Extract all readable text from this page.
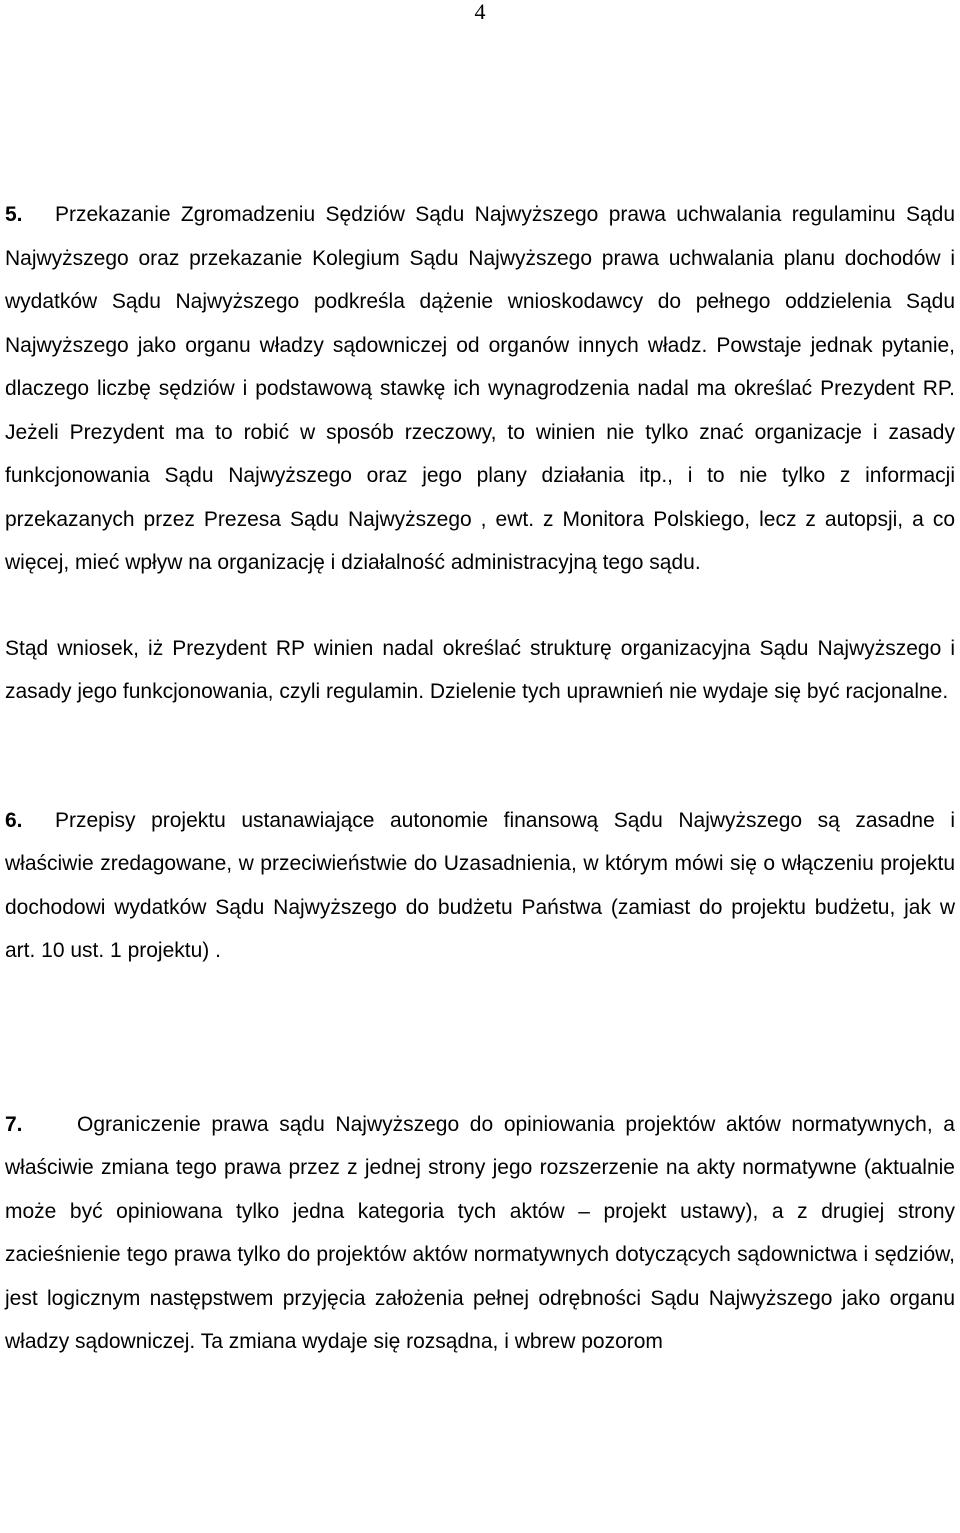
4

5. Przekazanie Zgromadzeniu Sędziów Sądu Najwyższego prawa uchwalania regulaminu Sądu Najwyższego oraz przekazanie Kolegium Sądu Najwyższego prawa uchwalania planu dochodów i wydatków Sądu Najwyższego podkreśla dążenie wnioskodawcy do pełnego oddzielenia Sądu Najwyższego jako organu władzy sądowniczej od organów innych władz. Powstaje jednak pytanie, dlaczego liczbę sędziów i podstawową stawkę ich wynagrodzenia nadal ma określać Prezydent RP. Jeżeli Prezydent ma to robić w sposób rzeczowy, to winien nie tylko znać organizacje i zasady funkcjonowania Sądu Najwyższego oraz jego plany działania itp., i to nie tylko z informacji przekazanych przez Prezesa Sądu Najwyższego , ewt. z Monitora Polskiego, lecz z autopsji, a co więcej, mieć wpływ na organizację i działalność administracyjną tego sądu.

Stąd wniosek, iż Prezydent RP winien nadal określać strukturę organizacyjna Sądu Najwyższego i zasady jego funkcjonowania, czyli regulamin. Dzielenie tych uprawnień nie wydaje się być racjonalne.

6. Przepisy projektu ustanawiające autonomie finansową Sądu Najwyższego są zasadne i właściwie zredagowane, w przeciwieństwie do Uzasadnienia, w którym mówi się o włączeniu projektu dochodowi wydatków Sądu Najwyższego do budżetu Państwa (zamiast do projektu budżetu, jak w art. 10 ust. 1 projektu) .

7.	Ograniczenie prawa sądu Najwyższego do opiniowania projektów aktów normatywnych, a właściwie zmiana tego prawa przez z jednej strony jego rozszerzenie na akty normatywne (aktualnie może być opiniowana tylko jedna kategoria tych aktów – projekt ustawy), a z drugiej strony zacieśnienie tego prawa tylko do projektów aktów normatywnych dotyczących sądownictwa i sędziów, jest logicznym następstwem przyjęcia założenia pełnej odrębności Sądu Najwyższego jako organu władzy sądowniczej. Ta zmiana wydaje się rozsądna, i wbrew pozorom
